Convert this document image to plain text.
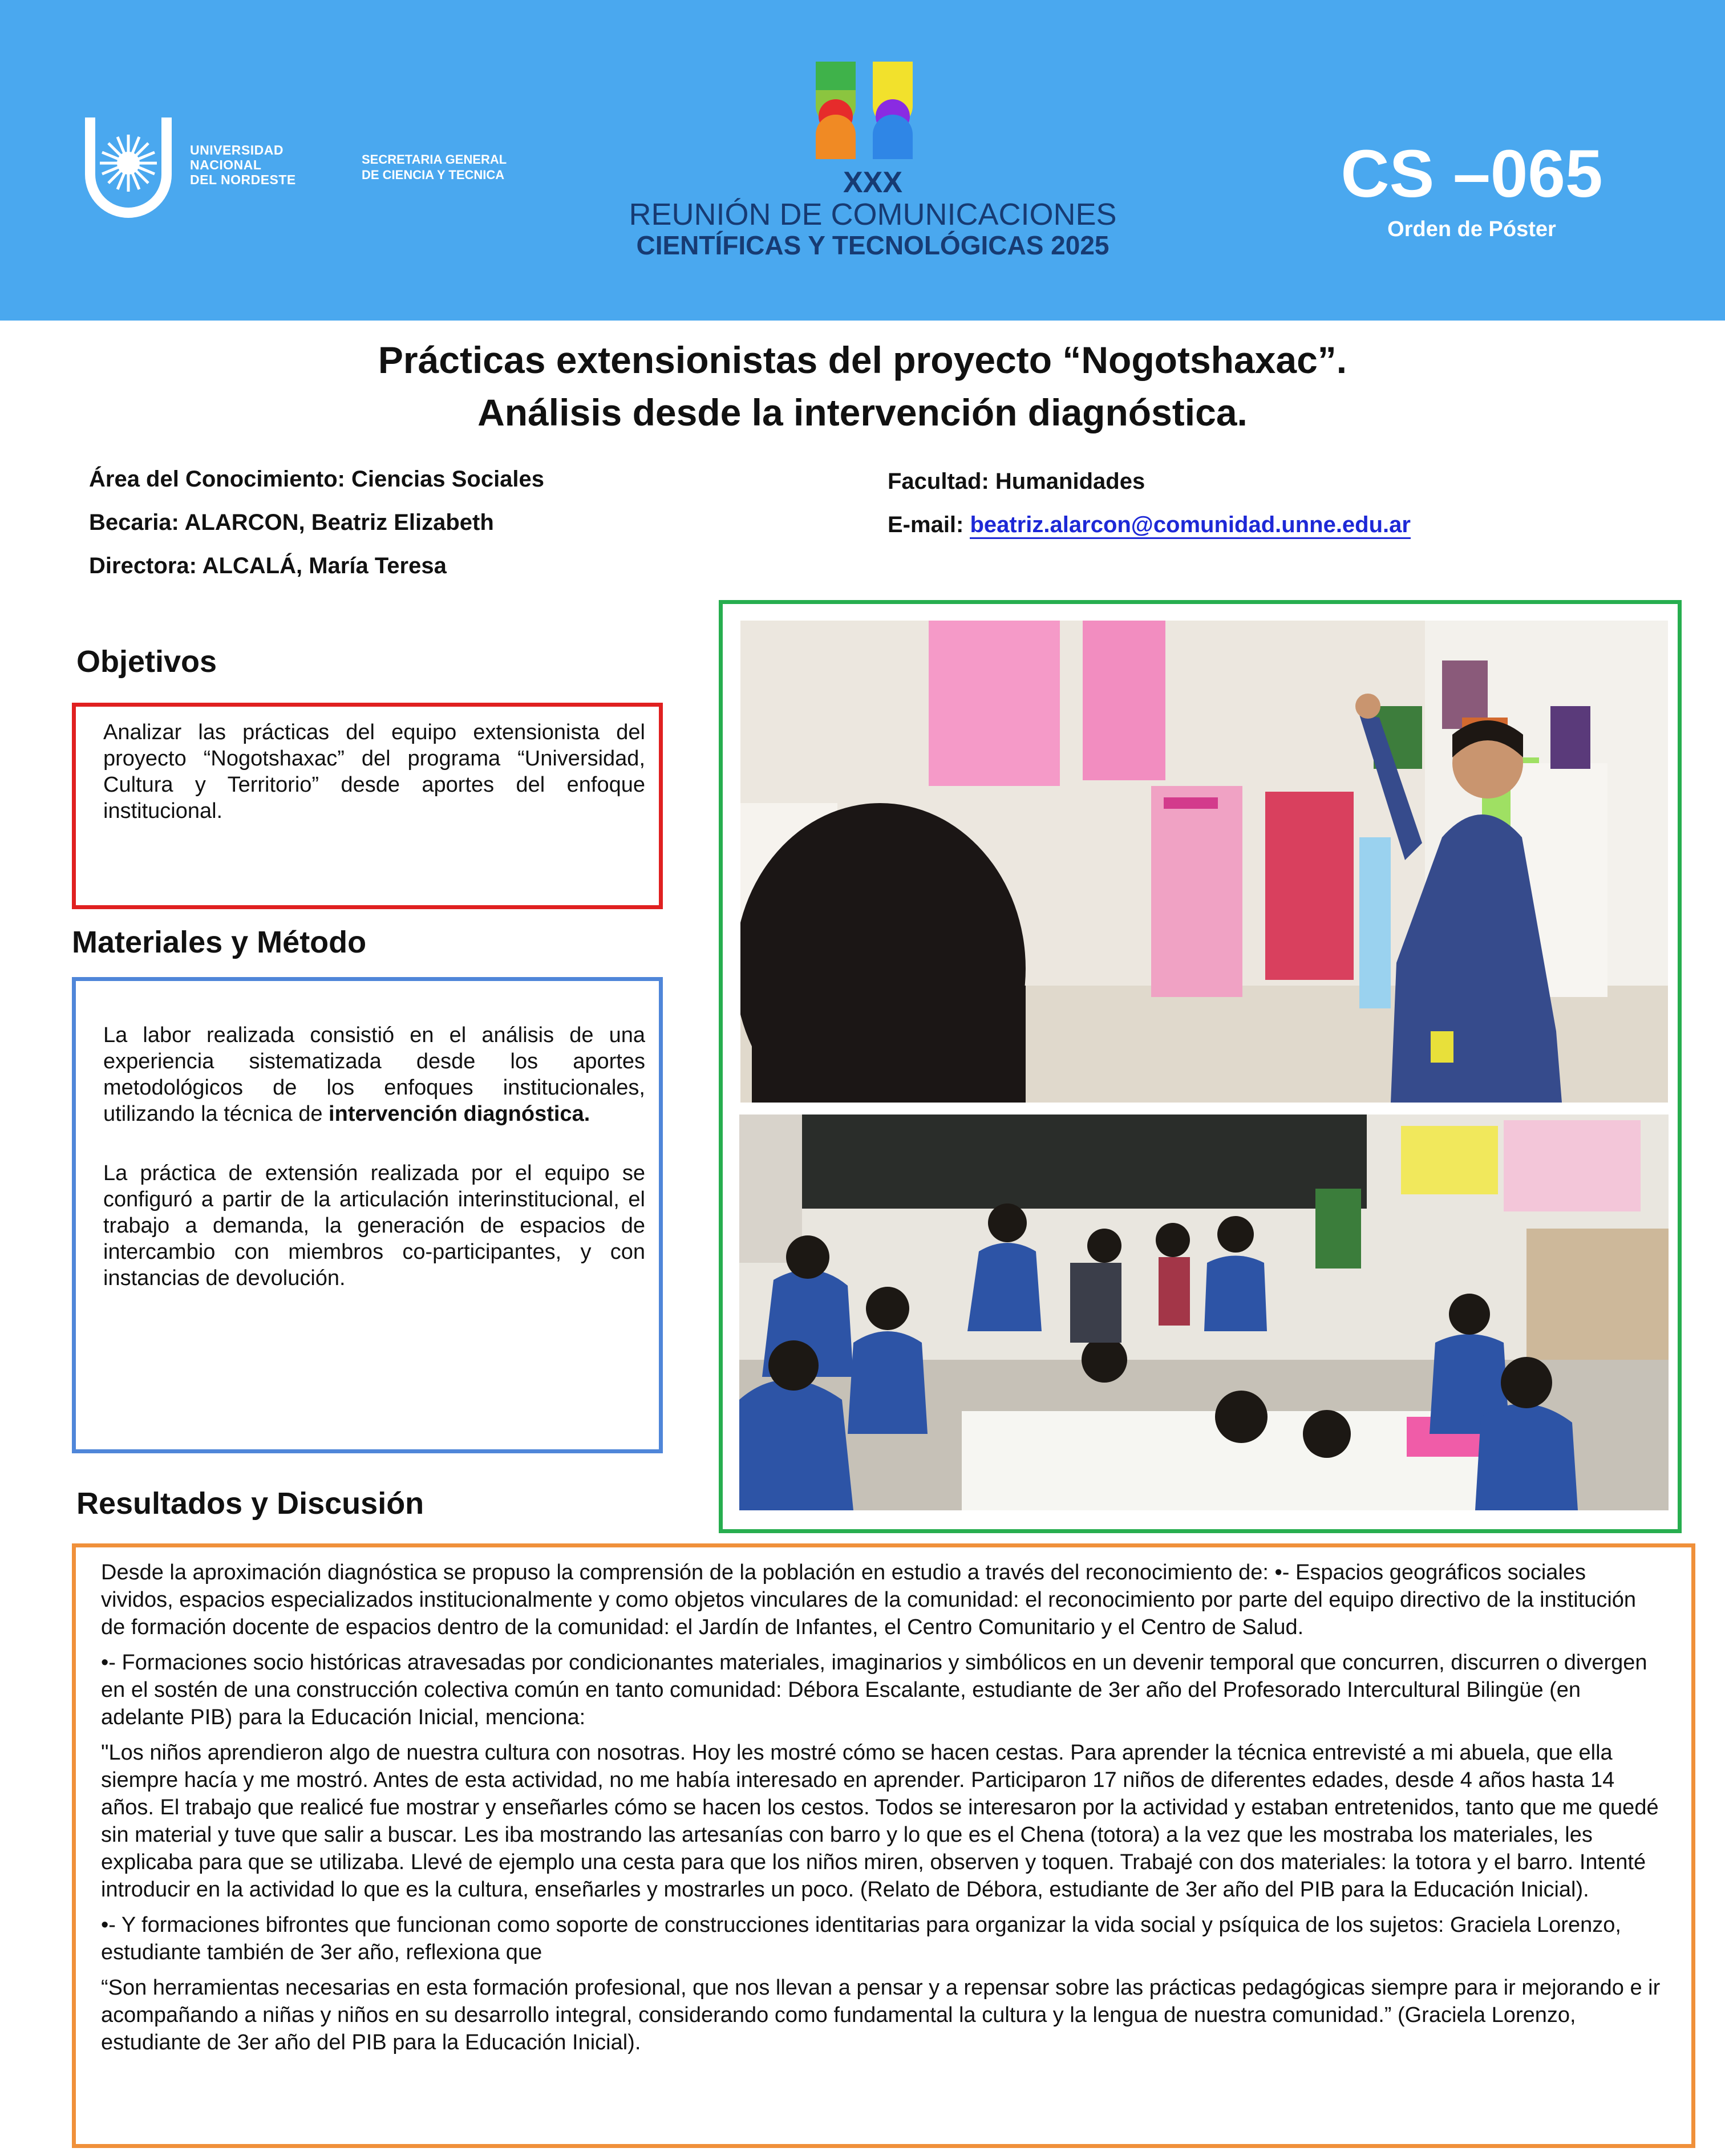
UNIVERSIDAD
NACIONAL
DEL NORDESTE
SECRETARIA GENERAL
DE CIENCIA Y TECNICA	XXX
REUNIÓN DE COMUNICACIONES
CIENTÍFICAS Y TECNOLÓGICAS 2025
CS –065
Orden de Póster
Prácticas extensionistas del proyecto “Nogotshaxac”.
Análisis desde la intervención diagnóstica.
Área del Conocimiento: Ciencias Sociales
Becaria: ALARCON, Beatriz Elizabeth
Directora: ALCALÁ, María Teresa
Facultad: Humanidades
E-mail: beatriz.alarcon@comunidad.unne.edu.ar
Objetivos
Analizar las prácticas del equipo extensionista del proyecto “Nogotshaxac” del programa “Universidad, Cultura y Territorio” desde aportes del enfoque institucional.
Materiales y Método
La labor realizada consistió en el análisis de una experiencia sistematizada desde los aportes metodológicos de los enfoques institucionales, utilizando la técnica de intervención diagnóstica.
La práctica de extensión realizada por el equipo se configuró a partir de la articulación interinstitucional, el trabajo a demanda, la generación de espacios de intercambio con miembros co-participantes, y con instancias de devolución.
Resultados y Discusión

Desde la aproximación diagnóstica se propuso la comprensión de la población en estudio a través del reconocimiento de: •- Espacios geográficos sociales vividos, espacios especializados institucionalmente y como objetos vinculares de la comunidad: el reconocimiento por parte del equipo directivo de la institución de formación docente de espacios dentro de la comunidad: el Jardín de Infantes, el Centro Comunitario y el Centro de Salud.

•- Formaciones socio históricas atravesadas por condicionantes materiales, imaginarios y simbólicos en un devenir temporal que concurren, discurren o divergen en el sostén de una construcción colectiva común en tanto comunidad: Débora Escalante, estudiante de 3er año del Profesorado Intercultural Bilingüe (en adelante PIB) para la Educación Inicial, menciona:

"Los niños aprendieron algo de nuestra cultura con nosotras. Hoy les mostré cómo se hacen cestas. Para aprender la técnica entrevisté a mi abuela, que ella siempre hacía y me mostró. Antes de esta actividad, no me había interesado en aprender. Participaron 17 niños de diferentes edades, desde 4 años hasta 14 años. El trabajo que realicé fue mostrar y enseñarles cómo se hacen los cestos. Todos se interesaron por la actividad y estaban entretenidos, tanto que me quedé sin material y tuve que salir a buscar. Les iba mostrando las artesanías con barro y lo que es el Chena (totora) a la vez que les mostraba los materiales, les explicaba para que se utilizaba. Llevé de ejemplo una cesta para que los niños miren, observen y toquen. Trabajé con dos materiales: la totora y el barro. Intenté introducir en la actividad lo que es la cultura, enseñarles y mostrarles un poco. (Relato de Débora, estudiante de 3er año del PIB para la Educación Inicial).

•- Y formaciones bifrontes que funcionan como soporte de construcciones identitarias para organizar la vida social y psíquica de los sujetos: Graciela Lorenzo, estudiante también de 3er año, reflexiona que

“Son herramientas necesarias en esta formación profesional, que nos llevan a pensar y a repensar sobre las prácticas pedagógicas siempre para ir mejorando e ir acompañando a niñas y niños en su desarrollo integral, considerando como fundamental la cultura y la lengua de nuestra comunidad.” (Graciela Lorenzo, estudiante de 3er año del PIB para la Educación Inicial).
